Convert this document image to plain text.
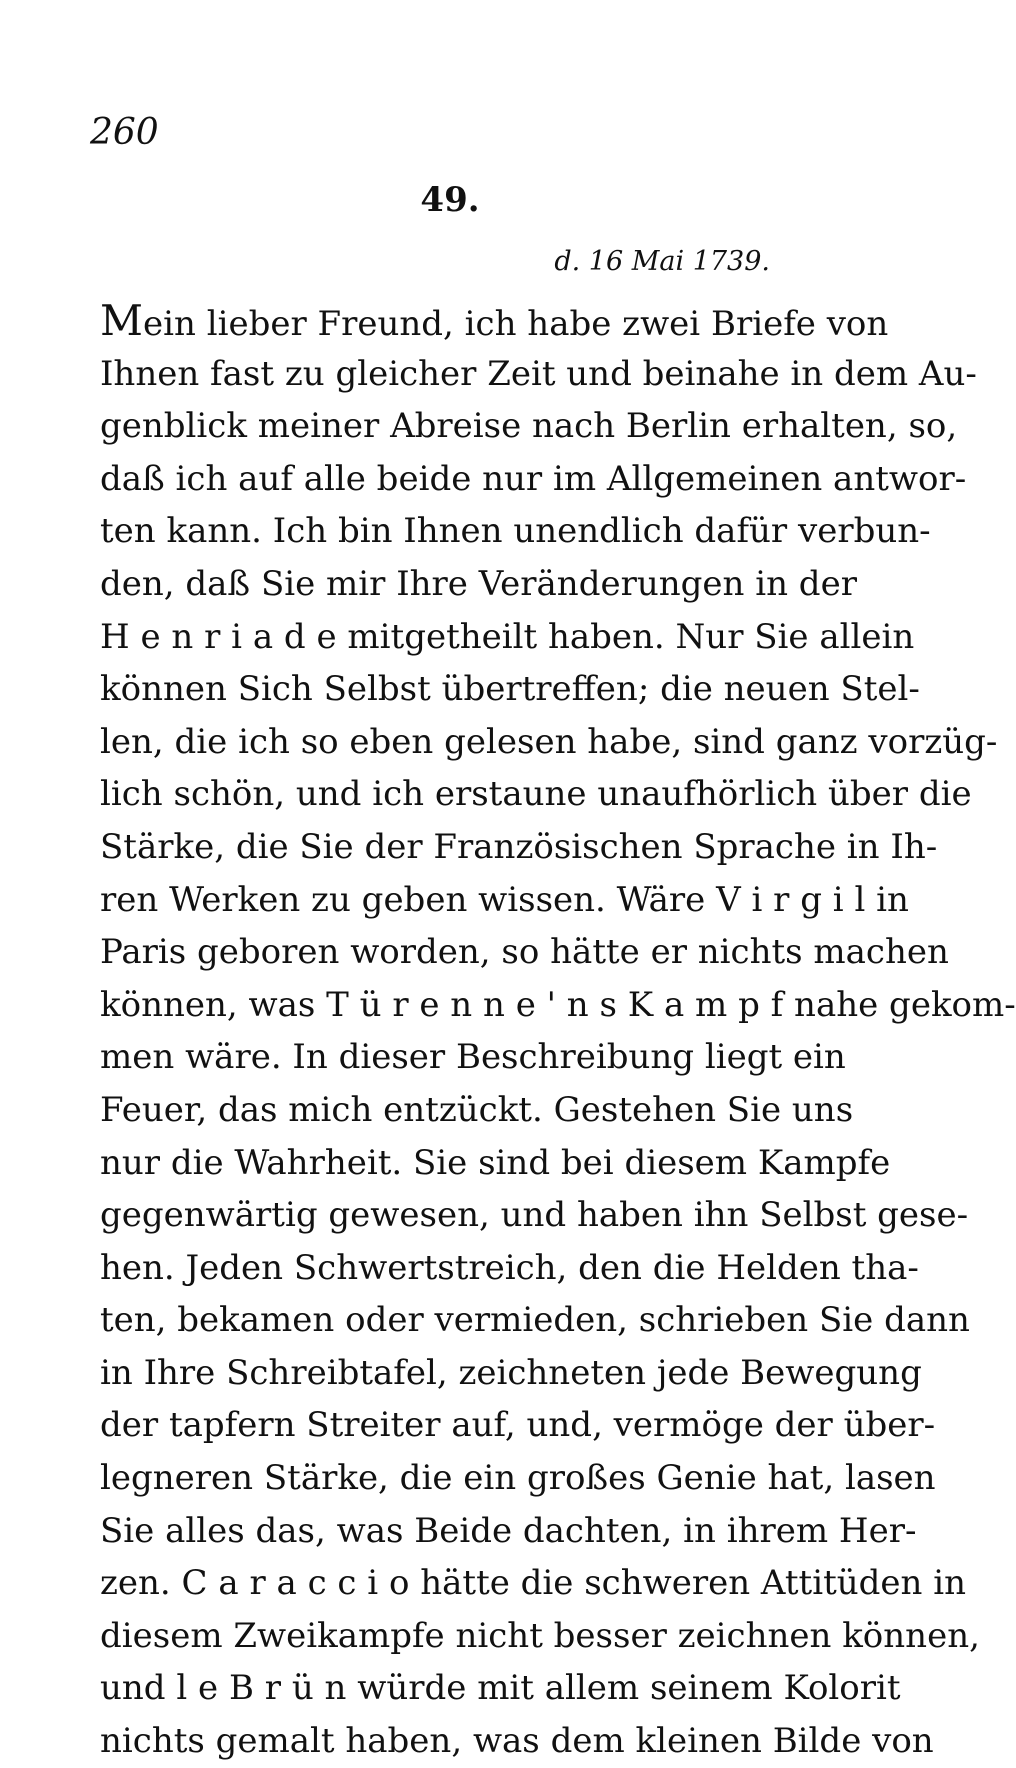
260
49.
d. 16 Mai 1739.
Mein lieber Freund, ich habe zwei Briefe von
Ihnen fast zu gleicher Zeit und beinahe in dem Au-
genblick meiner Abreise nach Berlin erhalten, so,
daß ich auf alle beide nur im Allgemeinen antwor-
ten kann. Ich bin Ihnen unendlich dafür verbun-
den, daß Sie mir Ihre Veränderungen in der
H e n r i a d e mitgetheilt haben. Nur Sie allein
können Sich Selbst übertreffen; die neuen Stel-
len, die ich so eben gelesen habe, sind ganz vorzüg-
lich schön, und ich erstaune unaufhörlich über die
Stärke, die Sie der Französischen Sprache in Ih-
ren Werken zu geben wissen. Wäre V i r g i l in
Paris geboren worden, so hätte er nichts machen
können, was T ü r e n n e ' n s K a m p f nahe gekom-
men wäre. In dieser Beschreibung liegt ein
Feuer, das mich entzückt. Gestehen Sie uns
nur die Wahrheit. Sie sind bei diesem Kampfe
gegenwärtig gewesen, und haben ihn Selbst gese-
hen. Jeden Schwertstreich, den die Helden tha-
ten, bekamen oder vermieden, schrieben Sie dann
in Ihre Schreibtafel, zeichneten jede Bewegung
der tapfern Streiter auf, und, vermöge der über-
legneren Stärke, die ein großes Genie hat, lasen
Sie alles das, was Beide dachten, in ihrem Her-
zen. C a r a c c i o hätte die schweren Attitüden in
diesem Zweikampfe nicht besser zeichnen können,
und l e B r ü n würde mit allem seinem Kolorit
nichts gemalt haben, was dem kleinen Bilde von
